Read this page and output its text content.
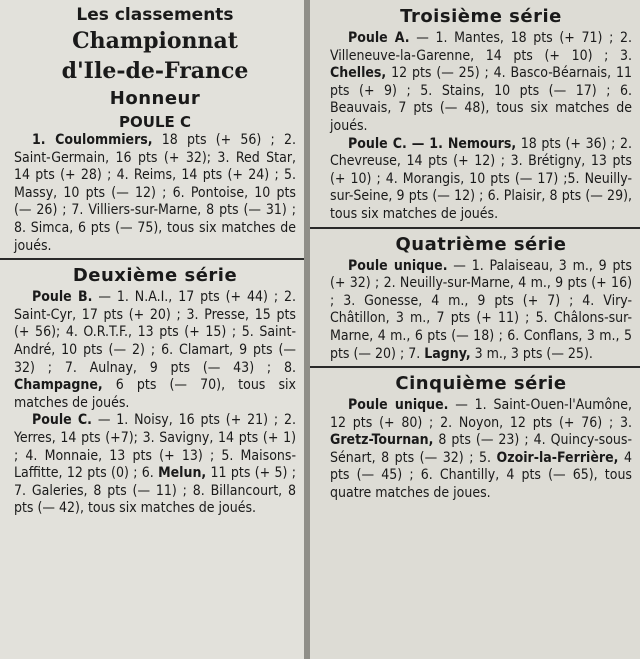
Les classements
Championnat
d'Ile-de-France
Honneur
POULE C

1. Coulommiers, 18 pts (+ 56) ; 2. Saint-Germain, 16 pts (+ 32); 3. Red Star, 14 pts (+ 28) ; 4. Reims, 14 pts (+ 24) ; 5. Massy, 10 pts (— 12) ; 6. Pontoise, 10 pts (— 26) ; 7. Villiers-sur-Marne, 8 pts (— 31) ; 8. Simca, 6 pts (— 75), tous six matches de joués.

Deuxième série

Poule B. — 1. N.A.I., 17 pts (+ 44) ; 2. Saint-Cyr, 17 pts (+ 20) ; 3. Presse, 15 pts (+ 56); 4. O.R.T.F., 13 pts (+ 15) ; 5. Saint-André, 10 pts (— 2) ; 6. Clamart, 9 pts (— 32) ; 7. Aulnay, 9 pts (— 43) ; 8. Champagne, 6 pts (— 70), tous six matches de joués.

Poule C. — 1. Noisy, 16 pts (+ 21) ; 2. Yerres, 14 pts (+7); 3. Savigny, 14 pts (+ 1) ; 4. Monnaie, 13 pts (+ 13) ; 5. Maisons-Laffitte, 12 pts (0) ; 6. Melun, 11 pts (+ 5) ; 7. Galeries, 8 pts (— 11) ; 8. Billancourt, 8 pts (— 42), tous six matches de joués.

Troisième série

Poule A. — 1. Mantes, 18 pts (+ 71) ; 2. Villeneuve-la-Garenne, 14 pts (+ 10) ; 3. Chelles, 12 pts (— 25) ; 4. Basco-Béarnais, 11 pts (+ 9) ; 5. Stains, 10 pts (— 17) ; 6. Beauvais, 7 pts (— 48), tous six matches de joués.

Poule C. — 1. Nemours, 18 pts (+ 36) ; 2. Chevreuse, 14 pts (+ 12) ; 3. Brétigny, 13 pts (+ 10) ; 4. Morangis, 10 pts (— 17) ;5. Neuilly-sur-Seine, 9 pts (— 12) ; 6. Plaisir, 8 pts (— 29), tous six matches de joués.

Quatrième série

Poule unique. — 1. Palaiseau, 3 m., 9 pts (+ 32) ; 2. Neuilly-sur-Marne, 4 m., 9 pts (+ 16) ; 3. Gonesse, 4 m., 9 pts (+ 7) ; 4. Viry-Châtillon, 3 m., 7 pts (+ 11) ; 5. Châlons-sur-Marne, 4 m., 6 pts (— 18) ; 6. Conflans, 3 m., 5 pts (— 20) ; 7. Lagny, 3 m., 3 pts (— 25).

Cinquième série

Poule unique. — 1. Saint-Ouen-l'Aumône, 12 pts (+ 80) ; 2. Noyon, 12 pts (+ 76) ; 3. Gretz-Tournan, 8 pts (— 23) ; 4. Quincy-sous-Sénart, 8 pts (— 32) ; 5. Ozoir-la-Ferrière, 4 pts (— 45) ; 6. Chantilly, 4 pts (— 65), tous quatre matches de joues.
